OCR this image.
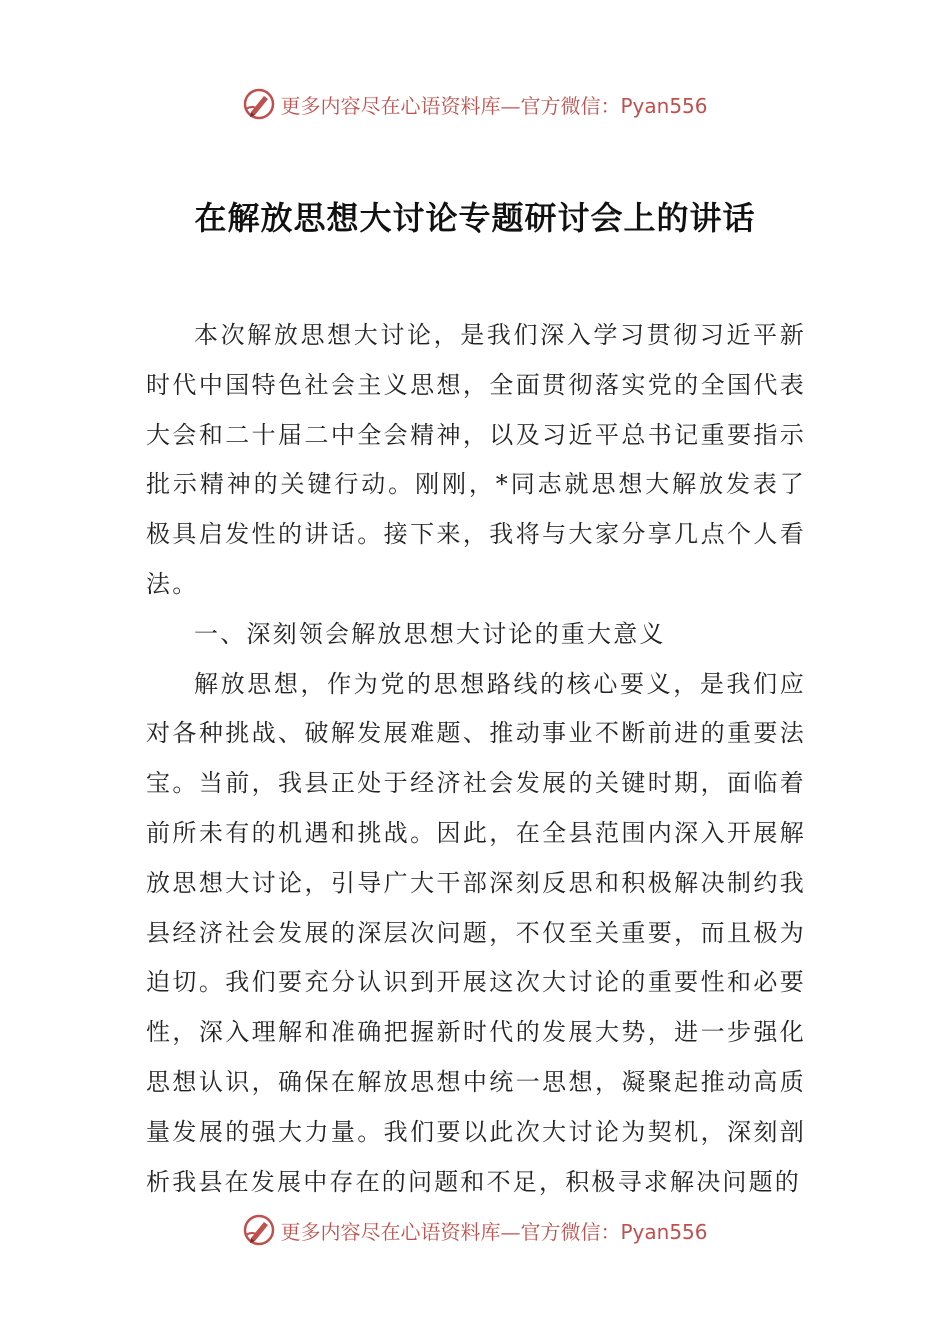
更多内容尽在心语资料库—官方微信：Pyan556
在解放思想大讨论专题研讨会上的讲话

本次解放思想大讨论，是我们深入学习贯彻习近平新时代中国特色社会主义思想，全面贯彻落实党的全国代表大会和二十届二中全会精神，以及习近平总书记重要指示批示精神的关键行动。刚刚，*同志就思想大解放发表了极具启发性的讲话。接下来，我将与大家分享几点个人看法。

一、深刻领会解放思想大讨论的重大意义

解放思想，作为党的思想路线的核心要义，是我们应对各种挑战、破解发展难题、推动事业不断前进的重要法宝。当前，我县正处于经济社会发展的关键时期，面临着前所未有的机遇和挑战。因此，在全县范围内深入开展解放思想大讨论，引导广大干部深刻反思和积极解决制约我县经济社会发展的深层次问题，不仅至关重要，而且极为迫切。我们要充分认识到开展这次大讨论的重要性和必要性，深入理解和准确把握新时代的发展大势，进一步强化思想认识，确保在解放思想中统一思想，凝聚起推动高质量发展的强大力量。我们要以此次大讨论为契机，深刻剖析我县在发展中存在的问题和不足，积极寻求解决问题的

更多内容尽在心语资料库—官方微信：Pyan556
